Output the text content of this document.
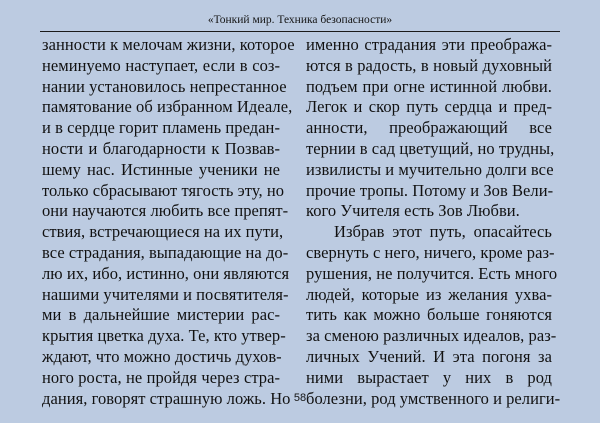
«Тонкий мир. Техника безопасности»
занности к мелочам жизни, которое
неминуемо наступает, если в соз-
нании установилось непрестанное
памятование об избранном Идеале,
и в сердце горит пламень предан-
ности и благодарности к Позвав-
шему нас. Истинные ученики не
только сбрасывают тягость эту, но
они научаются любить все препят-
ствия, встречающиеся на их пути,
все страдания, выпадающие на до-
лю их, ибо, истинно, они являются
нашими учителями и посвятителя-
ми в дальнейшие мистерии рас-
крытия цветка духа. Те, кто утвер-
ждают, что можно достичь духов-
ного роста, не пройдя через стра-
дания, говорят страшную ложь. Но
именно страдания эти преобража-
ются в радость, в новый духовный
подъем при огне истинной любви.
Легок и скор путь сердца и пред-
анности, преображающий все
тернии в сад цветущий, но трудны,
извилисты и мучительно долги все
прочие тропы. Потому и Зов Вели-
кого Учителя есть Зов Любви.
Избрав этот путь, опасайтесь
свернуть с него, ничего, кроме раз-
рушения, не получится. Есть много
людей, которые из желания ухва-
тить как можно больше гоняются
за сменою различных идеалов, раз-
личных Учений. И эта погоня за
ними вырастает у них в род
болезни, род умственного и религи-
58
